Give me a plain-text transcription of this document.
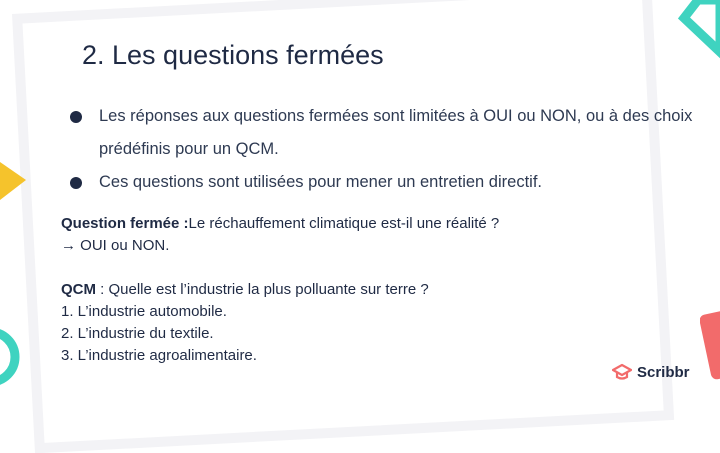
2. Les questions fermées
Les réponses aux questions fermées sont limitées à OUI ou NON, ou à des choix prédéfinis pour un QCM.
Ces questions sont utilisées pour mener un entretien directif.

Question fermée :Le réchauffement climatique est-il une réalité ?

→ OUI ou NON.

QCM : Quelle est l’industrie la plus polluante sur terre ?

1. L’industrie automobile.

2. L’industrie du textile.

3. L’industrie agroalimentaire.

Scribbr
